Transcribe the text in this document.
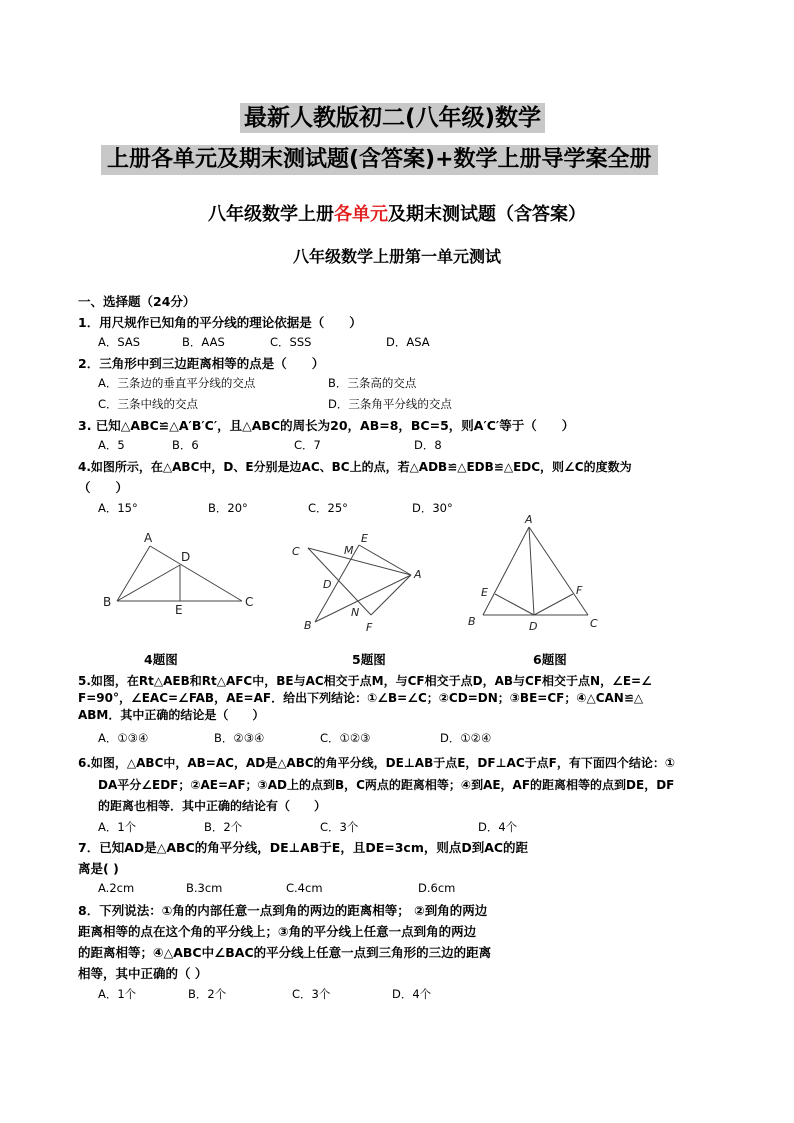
最新人教版初二(八年级)数学
上册各单元及期末测试题(含答案)+数学上册导学案全册
八年级数学上册各单元及期末测试题（含答案）
八年级数学上册第一单元测试
一、选择题（24分）
1．用尺规作已知角的平分线的理论依据是（　　）
A．SAS	B．AAS	C．SSS	D．ASA
2．三角形中到三边距离相等的点是（　　）
A．三条边的垂直平分线的交点	B．三条高的交点
C．三条中线的交点	D．三条角平分线的交点
3. 已知△ABC≌△A′B′C′，且△ABC的周长为20，AB=8，BC=5，则A′C′等于（　　）
A．5	B．6	C．7	D．8
4.如图所示，在△ABC中，D、E分别是边AC、BC上的点，若△ADB≌△EDB≌△EDC，则∠C的度数为
（　　）
A．15°	B．20°	C．25°	D．30°
A
D
B
E
C
C	M
E
D
A
B
N
F
A
E	F
B	D	C
4题图	5题图	6题图
5.如图，在Rt△AEB和Rt△AFC中，BE与AC相交于点M，与CF相交于点D，AB与CF相交于点N，∠E=∠
F=90°，∠EAC=∠FAB，AE=AF．给出下列结论：①∠B=∠C；②CD=DN；③BE=CF；④△CAN≌△
ABM．其中正确的结论是（　　）
A．①③④	B．②③④	C．①②③	D．①②④
6.如图，△ABC中，AB=AC，AD是△ABC的角平分线，DE⊥AB于点E，DF⊥AC于点F，有下面四个结论：①
DA平分∠EDF；②AE=AF；③AD上的点到B，C两点的距离相等；④到AE，AF的距离相等的点到DE，DF
的距离也相等．其中正确的结论有（　　）
A．1个	B．2个	C．3个	D．4个
7．已知AD是△ABC的角平分线，DE⊥AB于E，且DE=3cm，则点D到AC的距
离是( )
A.2cm	B.3cm	C.4cm	D.6cm
8．下列说法：①角的内部任意一点到角的两边的距离相等； ②到角的两边
距离相等的点在这个角的平分线上；③角的平分线上任意一点到角的两边
的距离相等；④△ABC中∠BAC的平分线上任意一点到三角形的三边的距离
相等，其中正确的（ ）
A．1个	B．2个	C．3个	D．4个
